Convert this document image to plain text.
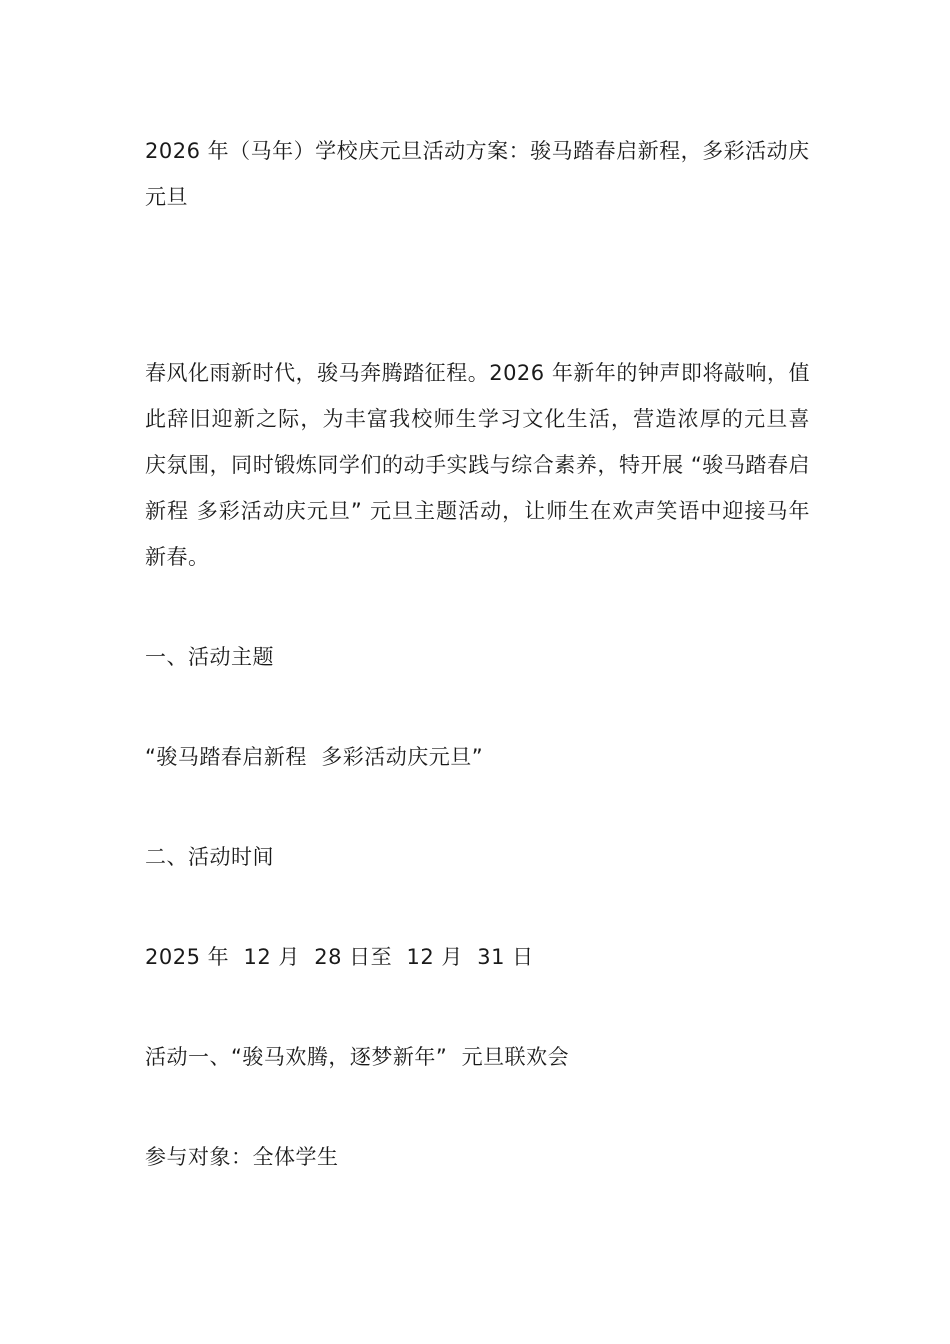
2026 年（马年）学校庆元旦活动方案：骏马踏春启新程，多彩活动庆元旦

春风化雨新时代，骏马奔腾踏征程。2026 年新年的钟声即将敲响，值此辞旧迎新之际，为丰富我校师生学习文化生活，营造浓厚的元旦喜庆氛围，同时锻炼同学们的动手实践与综合素养，特开展 “骏马踏春启新程 多彩活动庆元旦” 元旦主题活动，让师生在欢声笑语中迎接马年新春。

一、活动主题

“骏马踏春启新程  多彩活动庆元旦”

二、活动时间

2025 年  12 月  28 日至  12 月  31 日

活动一、“骏马欢腾，逐梦新年”  元旦联欢会

参与对象：全体学生
